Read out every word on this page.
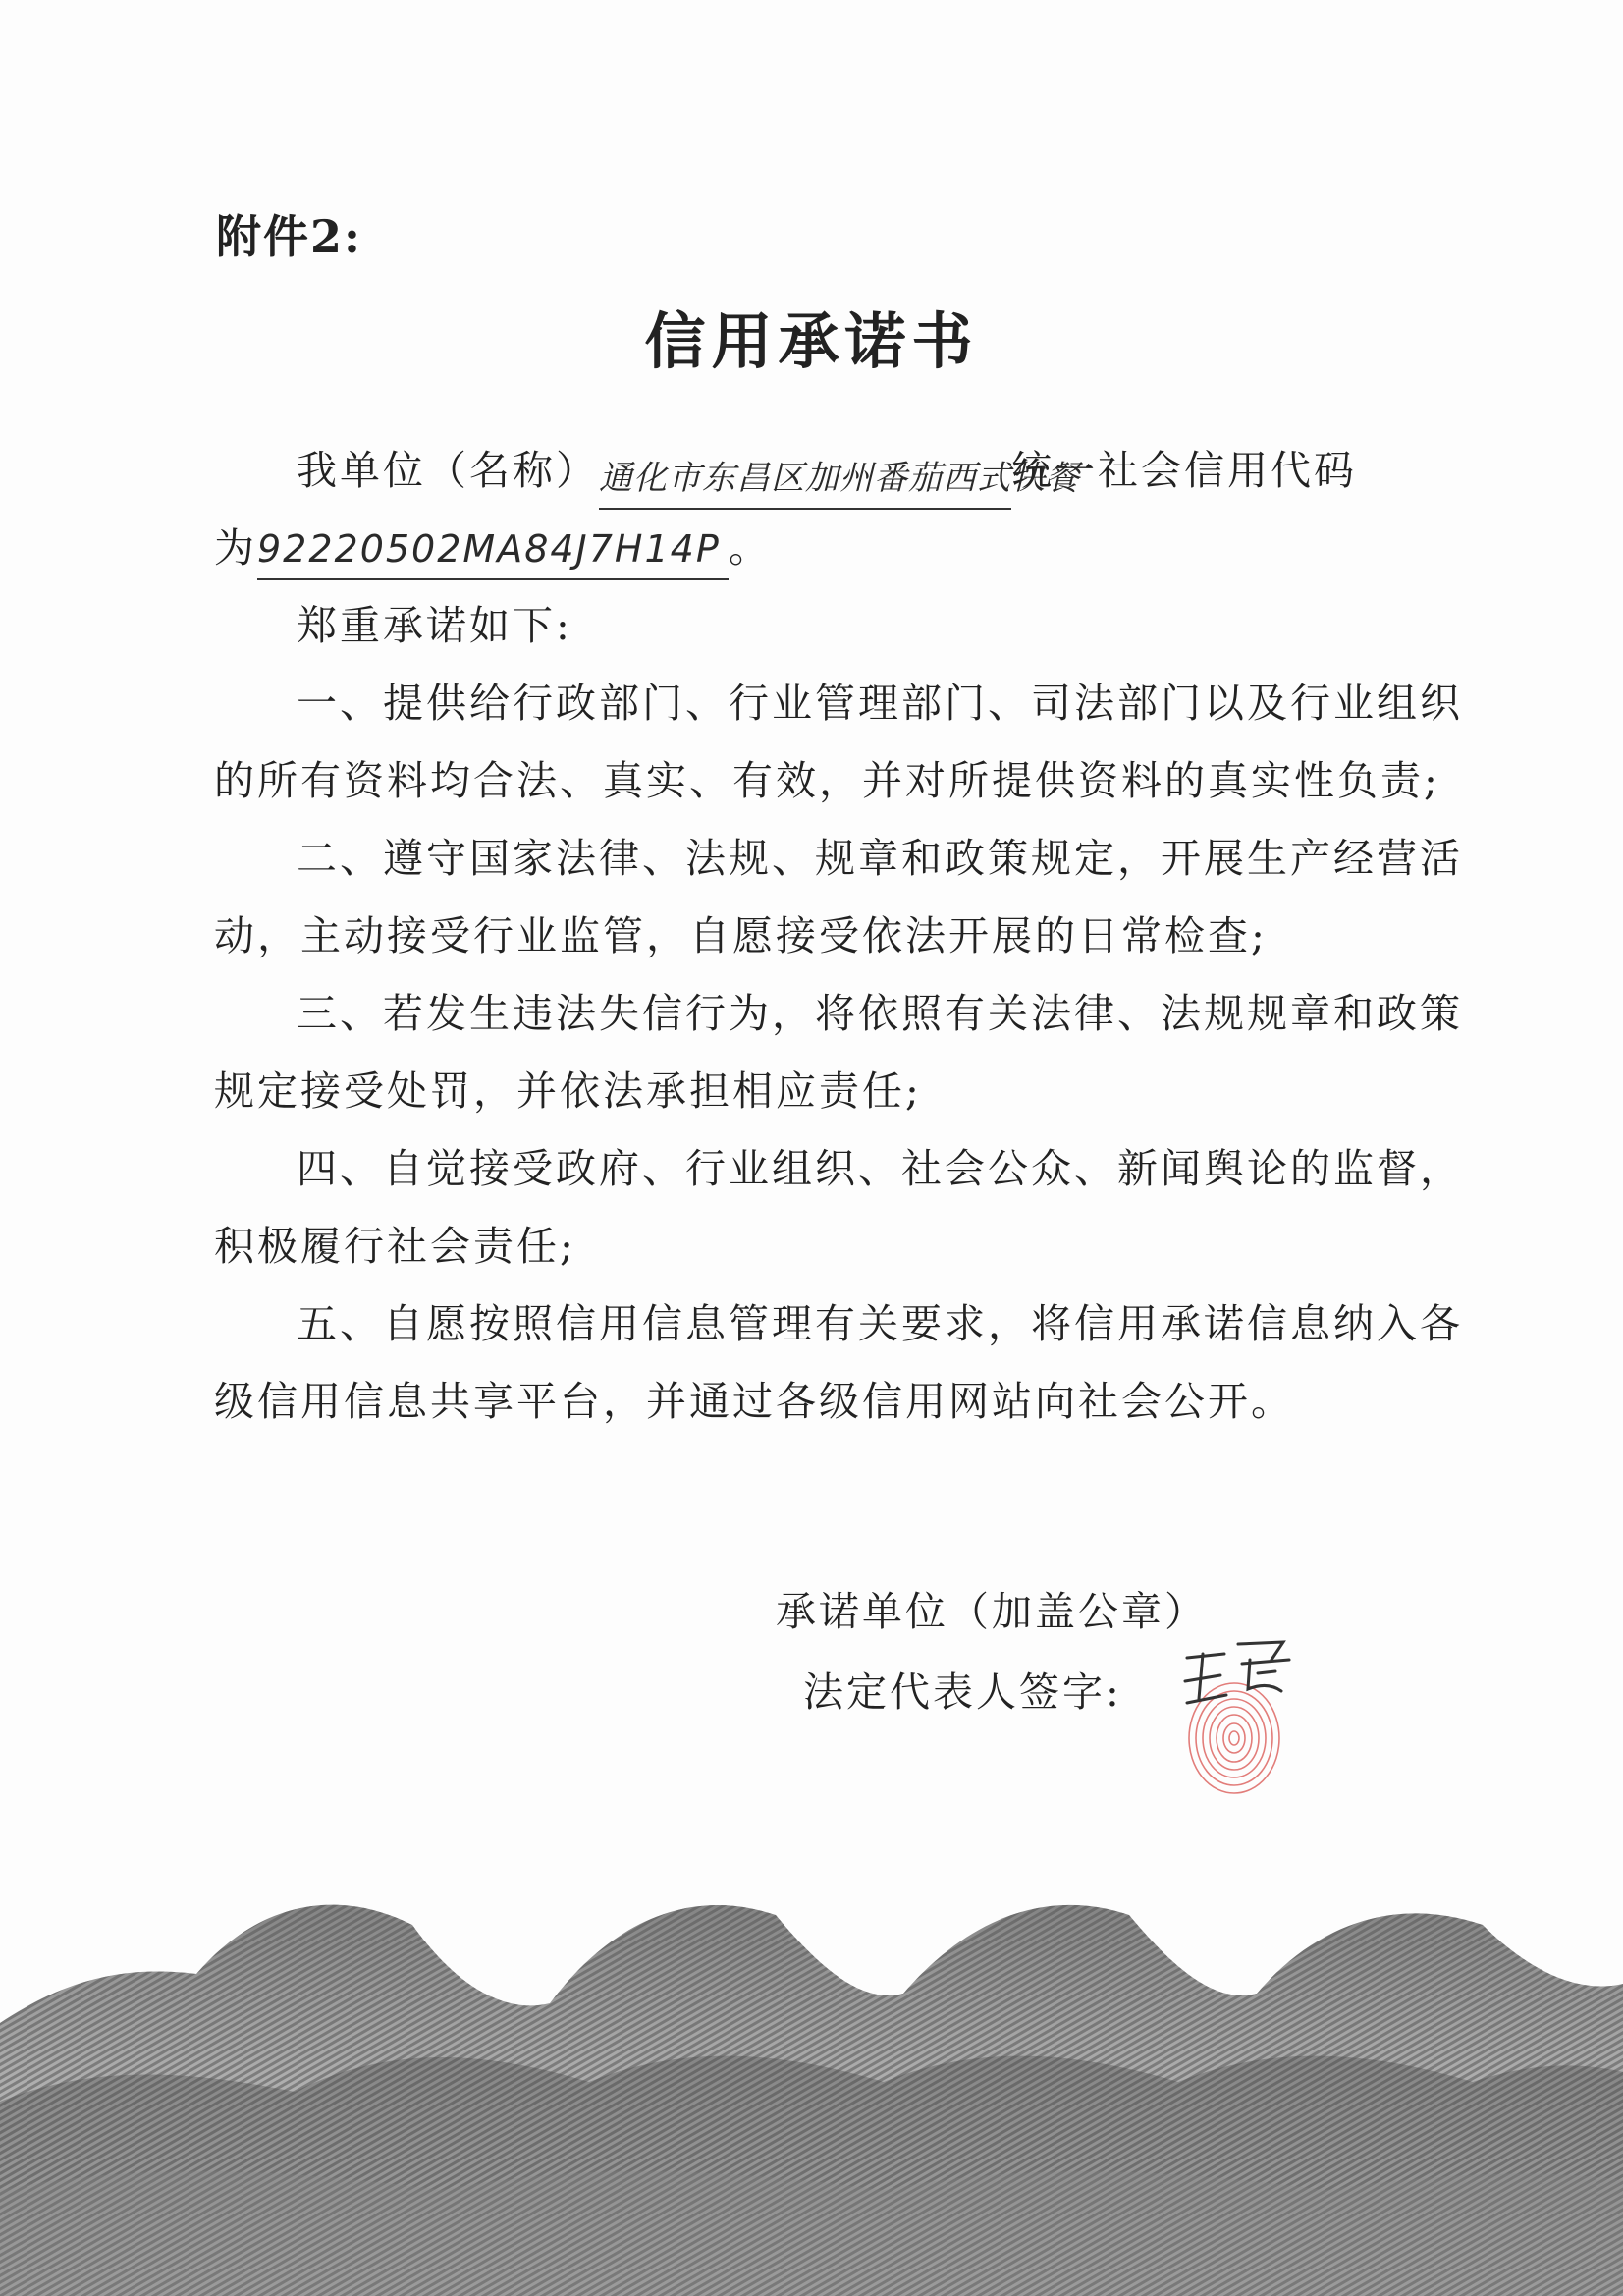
附件2:
信用承诺书
我单位（名称）通化市东昌区加州番茄西式快餐统一社会信用代码
为92220502MA84J7H14P 。
郑重承诺如下:
一、提供给行政部门、行业管理部门、司法部门以及行业组织
的所有资料均合法、真实、有效，并对所提供资料的真实性负责;
二、遵守国家法律、法规、规章和政策规定，开展生产经营活
动，主动接受行业监管，自愿接受依法开展的日常检查;
三、若发生违法失信行为，将依照有关法律、法规规章和政策
规定接受处罚，并依法承担相应责任;
四、自觉接受政府、行业组织、社会公众、新闻舆论的监督，
积极履行社会责任;
五、自愿按照信用信息管理有关要求，将信用承诺信息纳入各
级信用信息共享平台，并通过各级信用网站向社会公开。
承诺单位（加盖公章）
法定代表人签字:
